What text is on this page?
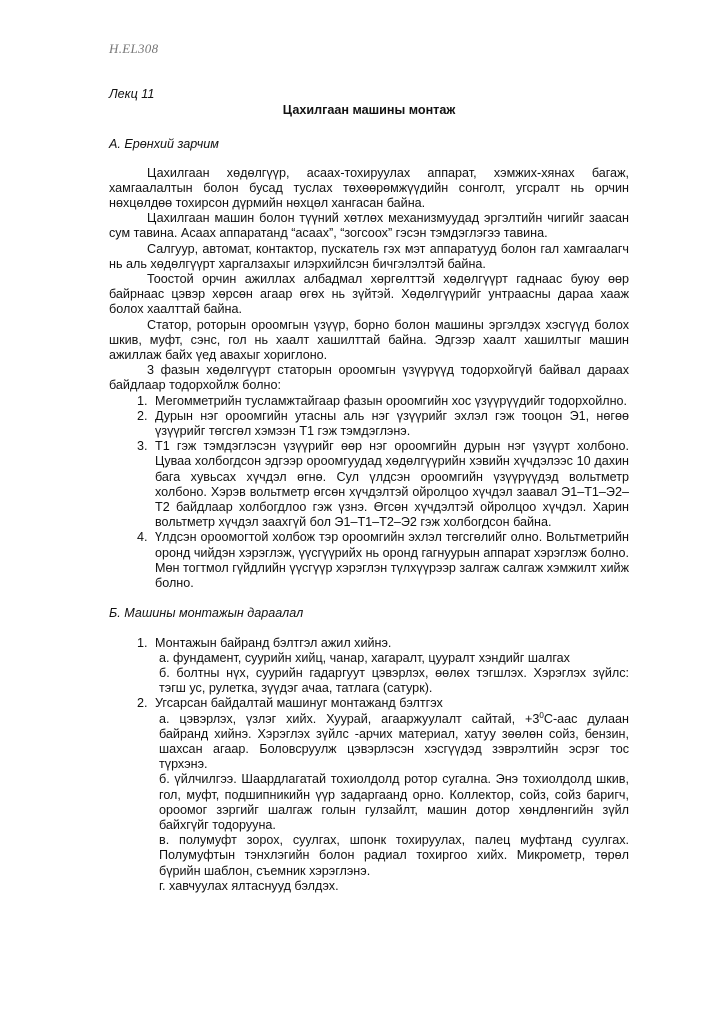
H.EL308

Лекц 11

Цахилгаан машины монтаж

А. Ерөнхий зарчим

Цахилгаан хөдөлгүүр, асаах-тохируулах аппарат, хэмжих-хянах багаж, хамгаалалтын болон бусад туслах төхөөрөмжүүдийн сонголт, угсралт нь орчин нөхцөлдөө тохирсон дүрмийн нөхцөл хангасан байна.

Цахилгаан машин болон түүний хөтлөх механизмуудад эргэлтийн чигийг заасан сум тавина. Асаах аппаратанд “асаах”, “зогсоох” гэсэн тэмдэглэгээ тавина.

Салгуур, автомат, контактор, пускатель гэх мэт аппаратууд болон гал хамгаалагч нь аль хөдөлгүүрт харгалзахыг илэрхийлсэн бичгэлэлтэй байна.

Тоостой орчин ажиллах албадмал хөргөлттэй хөдөлгүүрт гаднаас буюу өөр байрнаас цэвэр хөрсөн агаар өгөх нь зүйтэй. Хөдөлгүүрийг унтраасны дараа хааж болох хаалттай байна.

Статор, роторын ороомгын үзүүр, борно болон машины эргэлдэх хэсгүүд болох шкив, муфт, сэнс, гол нь хаалт хашилттай байна. Эдгээр хаалт хашилтыг машин ажиллаж байх үед авахыг хориглоно.

3 фазын хөдөлгүүрт статорын ороомгын үзүүрүүд тодорхойгүй байвал дараах байдлаар тодорхойлж болно:

1. Мегомметрийн тусламжтайгаар фазын ороомгийн хос үзүүрүүдийг тодорхойлно.
2. Дурын нэг ороомгийн утасны аль нэг үзүүрийг эхлэл гэж тооцон Э1, нөгөө үзүүрийг төгсгөл хэмээн Т1 гэж тэмдэглэнэ.
3. Т1 гэж тэмдэглэсэн үзүүрийг өөр нэг ороомгийн дурын нэг үзүүрт холбоно. Цуваа холбогдсон эдгээр ороомгуудад хөдөлгүүрийн хэвийн хүчдэлээс 10 дахин бага хувьсах хүчдэл өгнө. Сул үлдсэн ороомгийн үзүүрүүдэд вольтметр холбоно. Хэрэв вольтметр өгсөн хүчдэлтэй ойролцоо хүчдэл заавал Э1–Т1–Э2–Т2 байдлаар холбогдлоо гэж үзнэ. Өгсөн хүчдэлтэй ойролцоо хүчдэл. Харин вольтметр хүчдэл заахгүй бол Э1–Т1–Т2–Э2 гэж холбогдсон байна.
4. Үлдсэн ороомогтой холбож тэр ороомгийн эхлэл төгсгөлийг олно. Вольтметрийн оронд чийдэн хэрэглэж, үүсгүүрийх нь оронд гагнуурын аппарат хэрэглэж болно. Мөн тогтмол гүйдлийн үүсгүүр хэрэглэн түлхүүрээр залгаж салгаж хэмжилт хийж болно.

Б. Машины монтажын дараалал

1. Монтажын байранд бэлтгэл ажил хийнэ.
а. фундамент, суурийн хийц, чанар, хагаралт, цууралт хэндийг шалгах
б. болтны нүх, суурийн гадаргуут цэвэрлэх, өөлөх тэгшлэх. Хэрэглэх зүйлс: тэгш ус, рулетка, зүүдэг ачаа, татлага (сатурк).
2. Угсарсан байдалтай машинуг монтажанд бэлтгэх
а. цэвэрлэх, үзлэг хийх. Хуурай, агааржуулалт сайтай, $+3^0С$-аас дулаан байранд хийнэ. Хэрэглэх зүйлс -арчих материал, хатуу зөөлөн сойз, бензин, шахсан агаар. Боловсруулж цэвэрлэсэн хэсгүүдэд зэврэлтийн эсрэг тос түрхэнэ.
б. үйлчилгээ. Шаардлагатай тохиолдолд ротор сугална. Энэ тохиолдолд шкив, гол, муфт, подшипникийн үүр задаргаанд орно. Коллектор, сойз, сойз баригч, ороомог зэргийг шалгаж голын гулзайлт, машин дотор хөндлөнгийн зүйл байхгүйг тодорууна.
в. полумуфт зорох, суулгах, шпонк тохируулах, палец муфтанд суулгах. Полумуфтын тэнхлэгийн болон радиал тохиргоо хийх. Микрометр, төрөл бүрийн шаблон, съемник хэрэглэнэ.
г. хавчуулах ялтаснууд бэлдэх.
